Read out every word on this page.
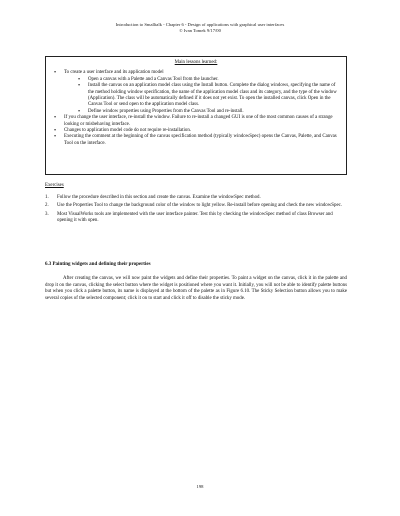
Introduction to Smalltalk - Chapter 6 - Design of applications with graphical user interfaces
© Ivan Tomek 9/17/00
Main lessons learned:
• To create a user interface and its application model
• Open a canvas with a Palette and a Canvas Tool from the launcher.
• Install the canvas on an application model class using the Install button. Complete the dialog windows, specifying the name of the method holding window specification, the name of the application model class and its category, and the type of the window (Application). The class will be automatically defined if it does not yet exist. To open the installed canvas, click Open in the Canvas Tool or send open to the application model class.
• Define window properties using Properties from the Canvas Tool and re-install.
• If you change the user interface, re-install the window. Failure to re-install a changed GUI is one of the most common causes of a strange looking or misbehaving interface.
• Changes to application model code do not require re-installation.
• Executing the comment at the beginning of the canvas specification method (typically windowSpec) opens the Canvas, Palette, and Canvas Tool on the interface.
Exercises
1. Follow the procedure described in this section and create the canvas. Examine the windowSpec method.
2. Use the Properties Tool to change the background color of the window to light yellow. Re-install before opening and check the new windowSpec.
3. Most VisualWorks tools are implemented with the user interface painter. Test this by checking the windowSpec method of class Browser and opening it with open.
6.3 Painting widgets and defining their properties

After creating the canvas, we will now paint the widgets and define their properties. To paint a widget on the canvas, click it in the palette and drop it on the canvas, clicking the select button where the widget is positioned where you want it. Initially, you will not be able to identify palette buttons but when you click a palette button, its name is displayed at the bottom of the palette as in Figure 6.10. The Sticky Selection button allows you to make several copies of the selected component; click it on to start and click it off to disable the sticky mode.

198
